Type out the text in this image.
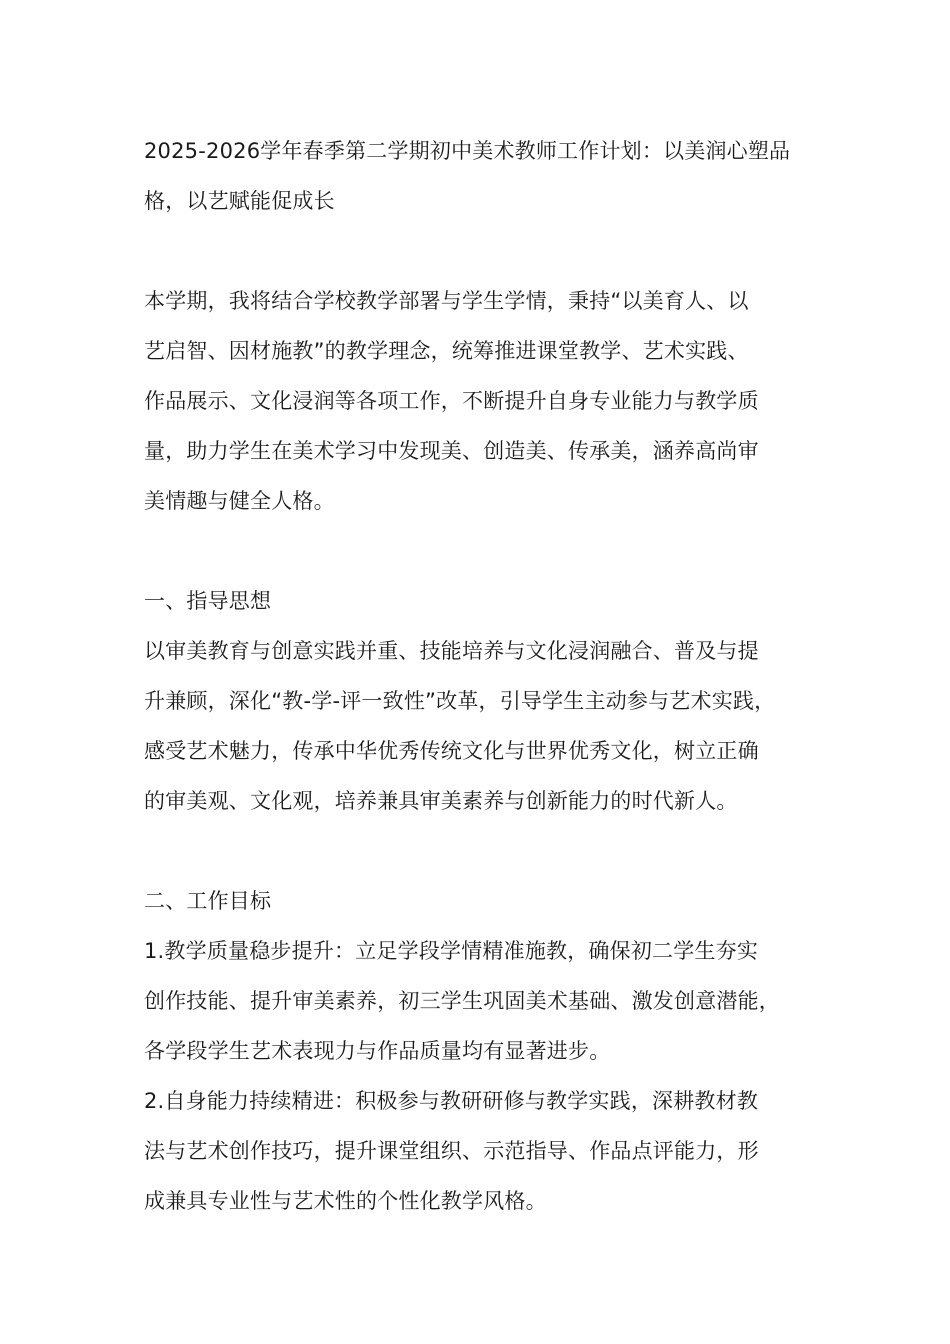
2025-2026学年春季第二学期初中美术教师工作计划：以美润心塑品
格，以艺赋能促成长
本学期，我将结合学校教学部署与学生学情，秉持“以美育人、以
艺启智、因材施教”的教学理念，统筹推进课堂教学、艺术实践、
作品展示、文化浸润等各项工作，不断提升自身专业能力与教学质
量，助力学生在美术学习中发现美、创造美、传承美，涵养高尚审
美情趣与健全人格。
一、指导思想
以审美教育与创意实践并重、技能培养与文化浸润融合、普及与提
升兼顾，深化“教-学-评一致性”改革，引导学生主动参与艺术实践，
感受艺术魅力，传承中华优秀传统文化与世界优秀文化，树立正确
的审美观、文化观，培养兼具审美素养与创新能力的时代新人。
二、工作目标
1.教学质量稳步提升：立足学段学情精准施教，确保初二学生夯实
创作技能、提升审美素养，初三学生巩固美术基础、激发创意潜能，
各学段学生艺术表现力与作品质量均有显著进步。
2.自身能力持续精进：积极参与教研研修与教学实践，深耕教材教
法与艺术创作技巧，提升课堂组织、示范指导、作品点评能力，形
成兼具专业性与艺术性的个性化教学风格。
